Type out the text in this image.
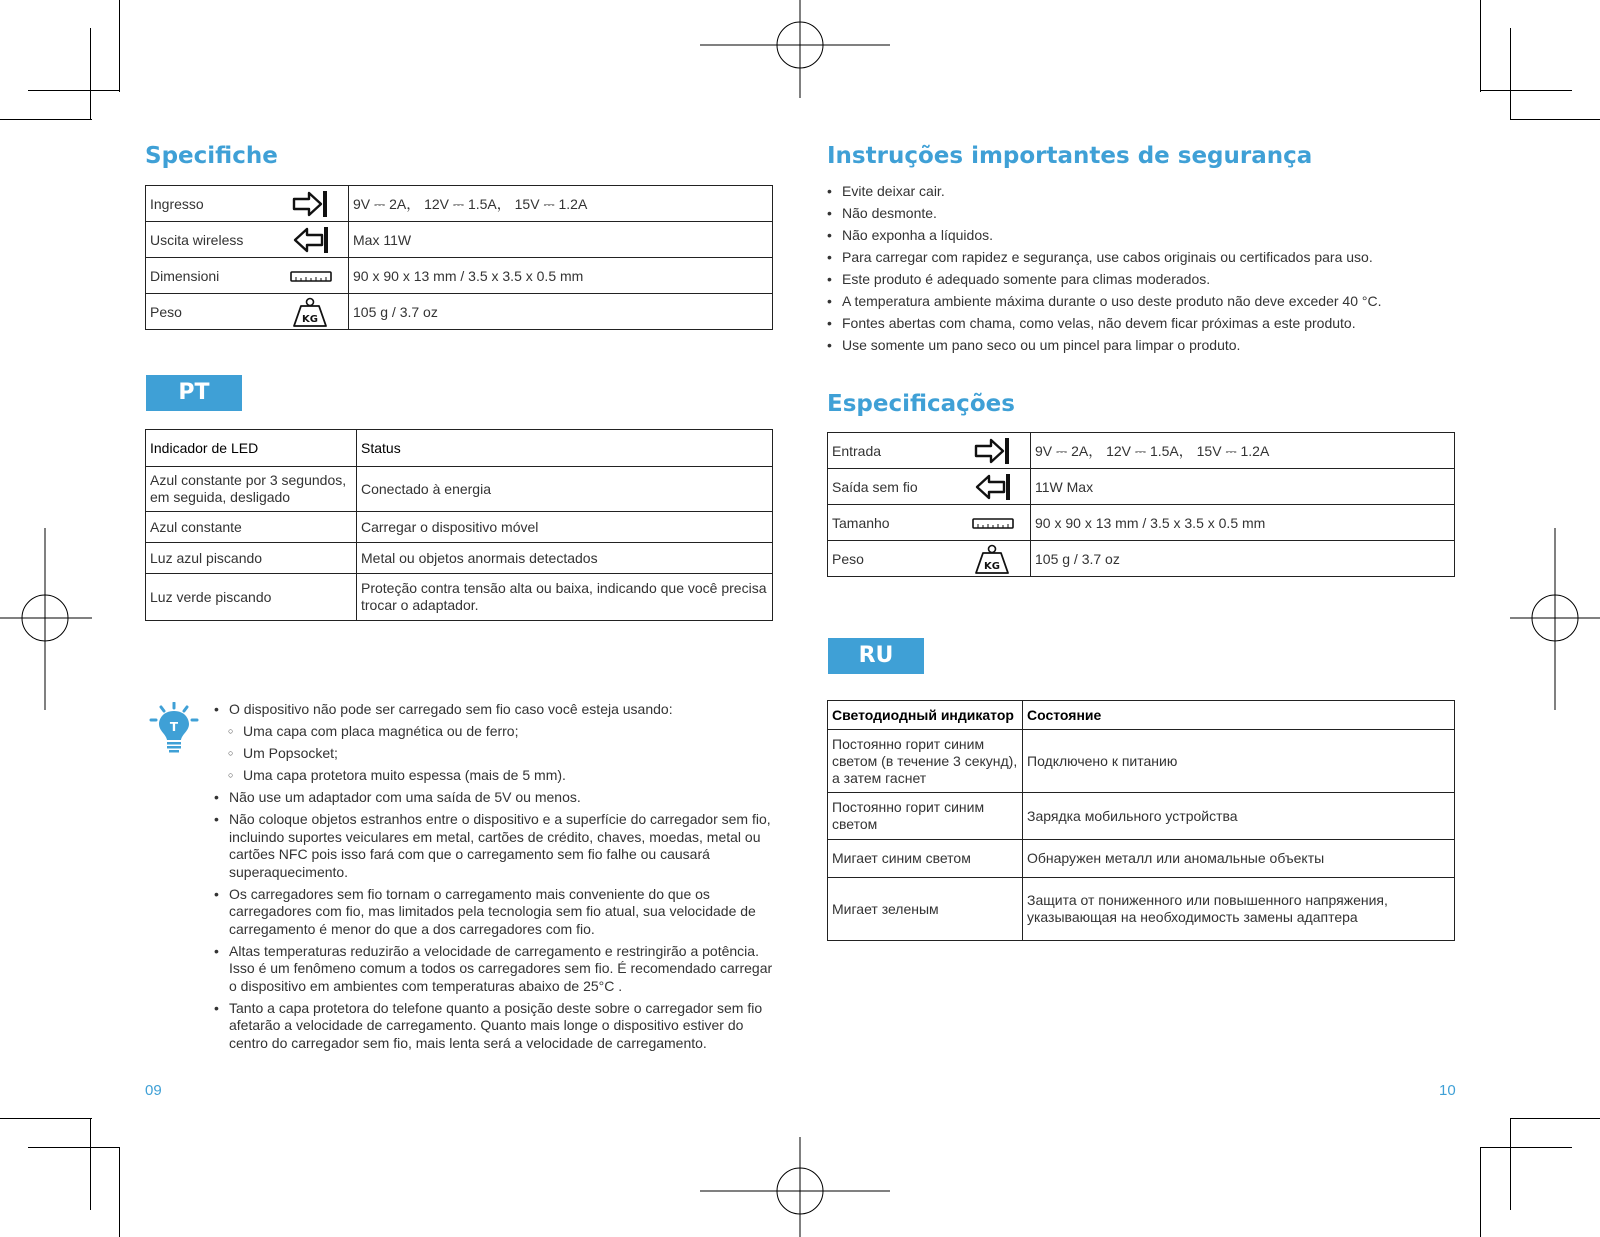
Specifiche
Ingresso		9V ⎓ 2A， 12V ⎓ 1.5A， 15V ⎓ 1.2A
Uscita wireless		Max 11W
Dimensioni		90 x 90 x 13 mm / 3.5 x 3.5 x 0.5 mm
Peso	KG	105 g / 3.7 oz
PT
Indicador de LED	Status
Azul constante por 3 segundos, em seguida, desligado	Conectado à energia
Azul constante	Carregar o dispositivo móvel
Luz azul piscando	Metal ou objetos anormais detectados
Luz verde piscando	Proteção contra tensão alta ou baixa, indicando que você precisa trocar o adaptador.
T
• O dispositivo não pode ser carregado sem fio caso você esteja usando:
○ Uma capa com placa magnética ou de ferro;
○ Um Popsocket;
○ Uma capa protetora muito espessa (mais de 5 mm).
• Não use um adaptador com uma saída de 5V ou menos.
• Não coloque objetos estranhos entre o dispositivo e a superfície do carregador sem fio, incluindo suportes veiculares em metal, cartões de crédito, chaves, moedas, metal ou cartões NFC pois isso fará com que o carregamento sem fio falhe ou causará superaquecimento.
• Os carregadores sem fio tornam o carregamento mais conveniente do que os carregadores com fio, mas limitados pela tecnologia sem fio atual, sua velocidade de carregamento é menor do que a dos carregadores com fio.
• Altas temperaturas reduzirão a velocidade de carregamento e restringirão a potência. Isso é um fenômeno comum a todos os carregadores sem fio. É recomendado carregar o dispositivo em ambientes com temperaturas abaixo de 25°C .
• Tanto a capa protetora do telefone quanto a posição deste sobre o carregador sem fio afetarão a velocidade de carregamento. Quanto mais longe o dispositivo estiver do centro do carregador sem fio, mais lenta será a velocidade de carregamento.
09
Instruções importantes de segurança
• Evite deixar cair.
• Não desmonte.
• Não exponha a líquidos.
• Para carregar com rapidez e segurança, use cabos originais ou certificados para uso.
• Este produto é adequado somente para climas moderados.
• A temperatura ambiente máxima durante o uso deste produto não deve exceder 40 °C.
• Fontes abertas com chama, como velas, não devem ficar próximas a este produto.
• Use somente um pano seco ou um pincel para limpar o produto.
Especificações
Entrada		9V ⎓ 2A， 12V ⎓ 1.5A， 15V ⎓ 1.2A
Saída sem fio		11W Max
Tamanho		90 x 90 x 13 mm / 3.5 x 3.5 x 0.5 mm
Peso	KG	105 g / 3.7 oz
RU
Светодиодный индикатор	Состояние
Постоянно горит синим светом (в течение 3 секунд), а затем гаснет	Подключено к питанию
Постоянно горит синим светом	Зарядка мобильного устройства
Мигает синим светом	Обнаружен металл или аномальные объекты
Мигает зеленым	Защита от пониженного или повышенного напряжения, указывающая на необходимость замены адаптера
10
